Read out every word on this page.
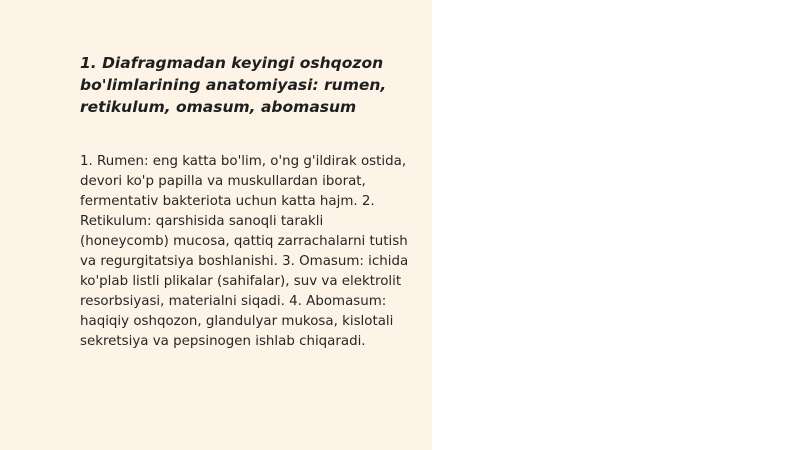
1. Diafragmadan keyingi oshqozon bo'limlarining anatomiyasi: rumen, retikulum, omasum, abomasum

1. Rumen: eng katta bo'lim, o'ng g'ildirak ostida, devori ko'p papilla va muskullardan iborat, fermentativ bakteriota uchun katta hajm. 2. Retikulum: qarshisida sanoqli tarakli (honeycomb) mucosa, qattiq zarrachalarni tutish va regurgitatsiya boshlanishi. 3. Omasum: ichida ko'plab listli plikalar (sahifalar), suv va elektrolit resorbsiyasi, materialni siqadi. 4. Abomasum: haqiqiy oshqozon, glandulyar mukosa, kislotali sekretsiya va pepsinogen ishlab chiqaradi.
